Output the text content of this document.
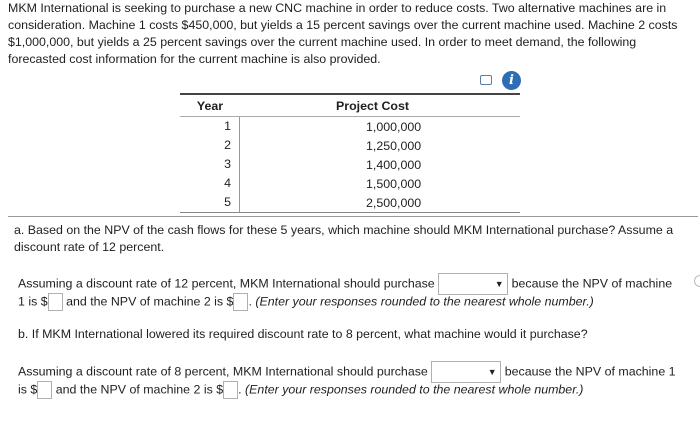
MKM International is seeking to purchase a new CNC machine in order to reduce costs. Two alternative machines are in consideration. Machine 1 costs $450,000, but yields a 15 percent savings over the current machine used. Machine 2 costs $1,000,000, but yields a 25 percent savings over the current machine used. In order to meet demand, the following forecasted cost information for the current machine is also provided.
i
Year	Project Cost
1	1,000,000
2	1,250,000
3	1,400,000
4	1,500,000
5	2,500,000
a. Based on the NPV of the cash flows for these 5 years, which machine should MKM International purchase? Assume a discount rate of 12 percent.
Assuming a discount rate of 12 percent, MKM International should purchase	▼ because the NPV of machine
1 is $ and the NPV of machine 2 is $ . (Enter your responses rounded to the nearest whole number.)
b. If MKM International lowered its required discount rate to 8 percent, what machine would it purchase?
Assuming a discount rate of 8 percent, MKM International should purchase	▼ because the NPV of machine 1
is $ and the NPV of machine 2 is $ . (Enter your responses rounded to the nearest whole number.)
